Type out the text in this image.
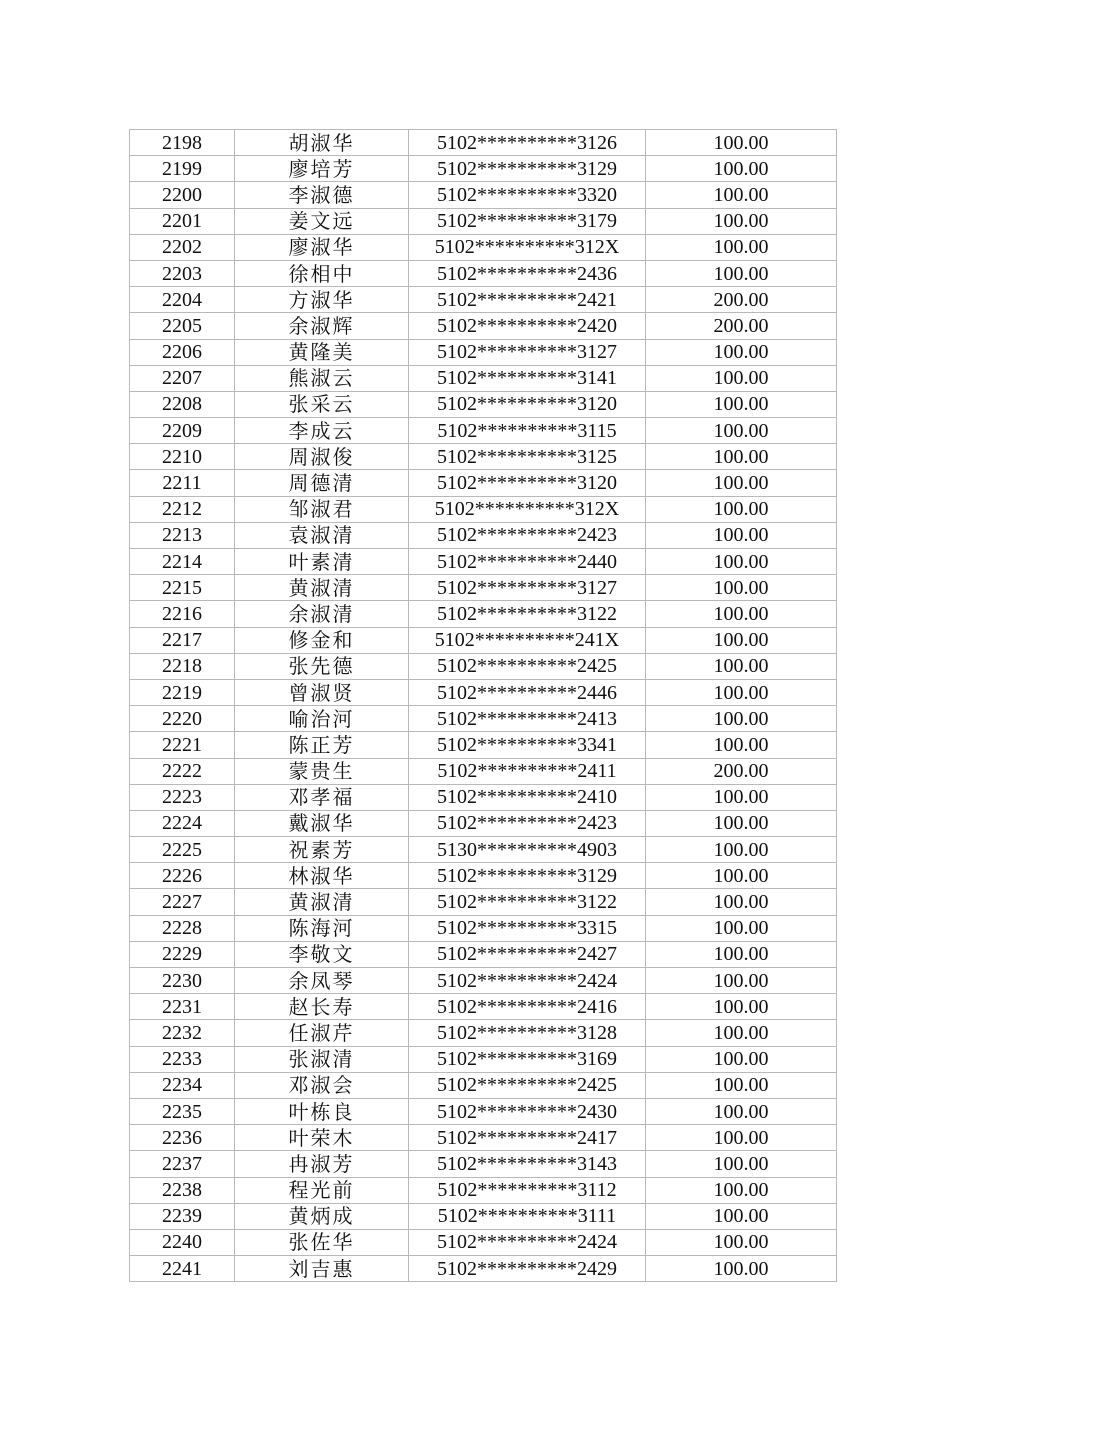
2198	胡淑华	5102**********3126	100.00
2199	廖培芳	5102**********3129	100.00
2200	李淑德	5102**********3320	100.00
2201	姜文远	5102**********3179	100.00
2202	廖淑华	5102**********312X	100.00
2203	徐相中	5102**********2436	100.00
2204	方淑华	5102**********2421	200.00
2205	余淑辉	5102**********2420	200.00
2206	黄隆美	5102**********3127	100.00
2207	熊淑云	5102**********3141	100.00
2208	张采云	5102**********3120	100.00
2209	李成云	5102**********3115	100.00
2210	周淑俊	5102**********3125	100.00
2211	周德清	5102**********3120	100.00
2212	邹淑君	5102**********312X	100.00
2213	袁淑清	5102**********2423	100.00
2214	叶素清	5102**********2440	100.00
2215	黄淑清	5102**********3127	100.00
2216	余淑清	5102**********3122	100.00
2217	修金和	5102**********241X	100.00
2218	张先德	5102**********2425	100.00
2219	曾淑贤	5102**********2446	100.00
2220	喻治河	5102**********2413	100.00
2221	陈正芳	5102**********3341	100.00
2222	蒙贵生	5102**********2411	200.00
2223	邓孝福	5102**********2410	100.00
2224	戴淑华	5102**********2423	100.00
2225	祝素芳	5130**********4903	100.00
2226	林淑华	5102**********3129	100.00
2227	黄淑清	5102**********3122	100.00
2228	陈海河	5102**********3315	100.00
2229	李敬文	5102**********2427	100.00
2230	余凤琴	5102**********2424	100.00
2231	赵长寿	5102**********2416	100.00
2232	任淑芹	5102**********3128	100.00
2233	张淑清	5102**********3169	100.00
2234	邓淑会	5102**********2425	100.00
2235	叶栋良	5102**********2430	100.00
2236	叶荣木	5102**********2417	100.00
2237	冉淑芳	5102**********3143	100.00
2238	程光前	5102**********3112	100.00
2239	黄炳成	5102**********3111	100.00
2240	张佐华	5102**********2424	100.00
2241	刘吉惠	5102**********2429	100.00
